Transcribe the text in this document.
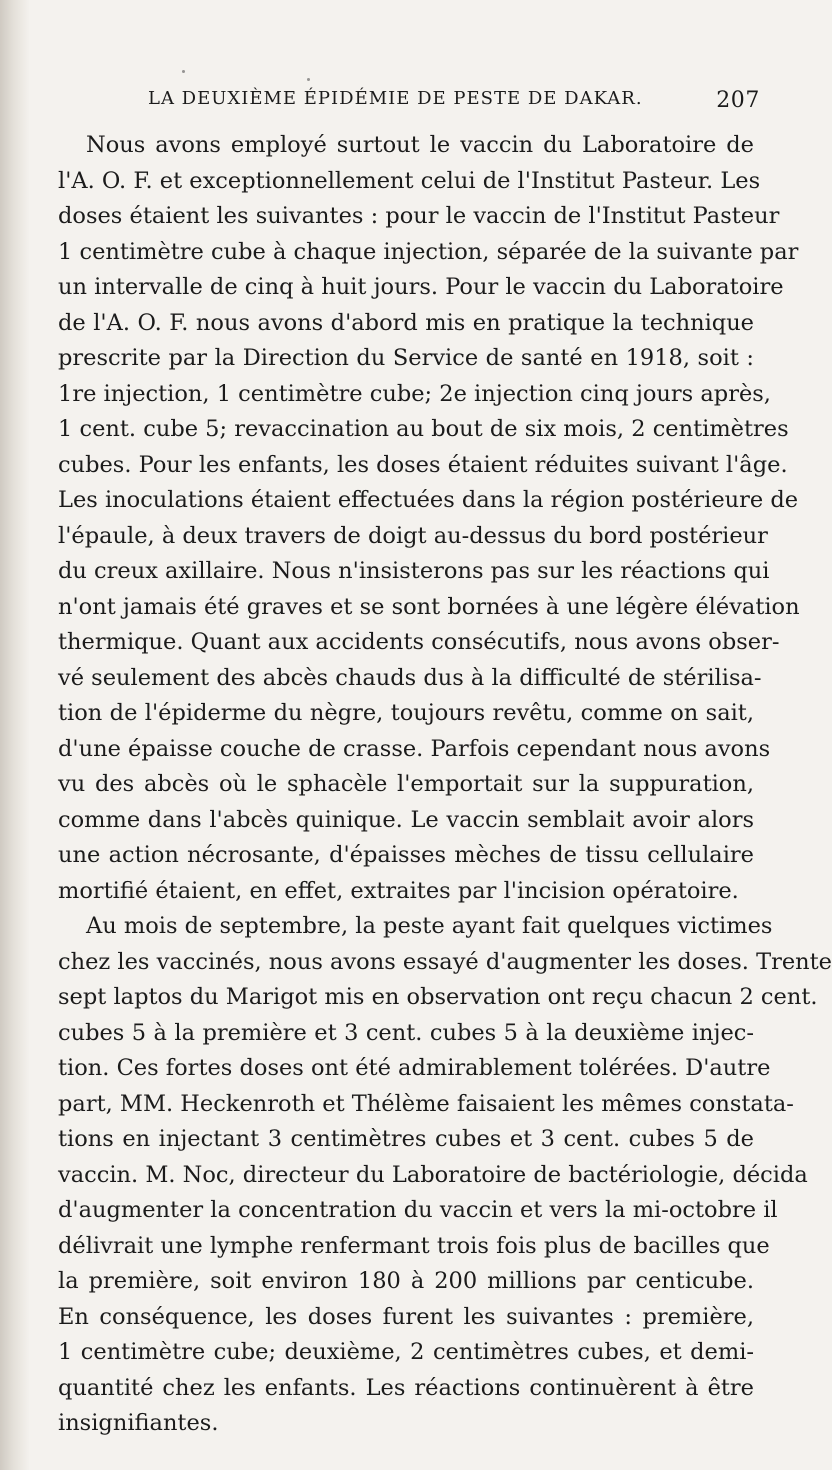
LA DEUXIÈME ÉPIDÉMIE DE PESTE DE DAKAR.	207
Nous avons employé surtout le vaccin du Laboratoire de
l'A. O. F. et exceptionnellement celui de l'Institut Pasteur. Les
doses étaient les suivantes : pour le vaccin de l'Institut Pasteur
1 centimètre cube à chaque injection, séparée de la suivante par
un intervalle de cinq à huit jours. Pour le vaccin du Laboratoire
de l'A. O. F. nous avons d'abord mis en pratique la technique
prescrite par la Direction du Service de santé en 1918, soit :
1re injection, 1 centimètre cube; 2e injection cinq jours après,
1 cent. cube 5; revaccination au bout de six mois, 2 centimètres
cubes. Pour les enfants, les doses étaient réduites suivant l'âge.
Les inoculations étaient effectuées dans la région postérieure de
l'épaule, à deux travers de doigt au-dessus du bord postérieur
du creux axillaire. Nous n'insisterons pas sur les réactions qui
n'ont jamais été graves et se sont bornées à une légère élévation
thermique. Quant aux accidents consécutifs, nous avons obser-
vé seulement des abcès chauds dus à la difficulté de stérilisa-
tion de l'épiderme du nègre, toujours revêtu, comme on sait,
d'une épaisse couche de crasse. Parfois cependant nous avons
vu des abcès où le sphacèle l'emportait sur la suppuration,
comme dans l'abcès quinique. Le vaccin semblait avoir alors
une action nécrosante, d'épaisses mèches de tissu cellulaire
mortifié étaient, en effet, extraites par l'incision opératoire.
Au mois de septembre, la peste ayant fait quelques victimes
chez les vaccinés, nous avons essayé d'augmenter les doses. Trente
sept laptos du Marigot mis en observation ont reçu chacun 2 cent.
cubes 5 à la première et 3 cent. cubes 5 à la deuxième injec-
tion. Ces fortes doses ont été admirablement tolérées. D'autre
part, MM. Heckenroth et Thélème faisaient les mêmes constata-
tions en injectant 3 centimètres cubes et 3 cent. cubes 5 de
vaccin. M. Noc, directeur du Laboratoire de bactériologie, décida
d'augmenter la concentration du vaccin et vers la mi-octobre il
délivrait une lymphe renfermant trois fois plus de bacilles que
la première, soit environ 180 à 200 millions par centicube.
En conséquence, les doses furent les suivantes : première,
1 centimètre cube; deuxième, 2 centimètres cubes, et demi-
quantité chez les enfants. Les réactions continuèrent à être
insignifiantes.
